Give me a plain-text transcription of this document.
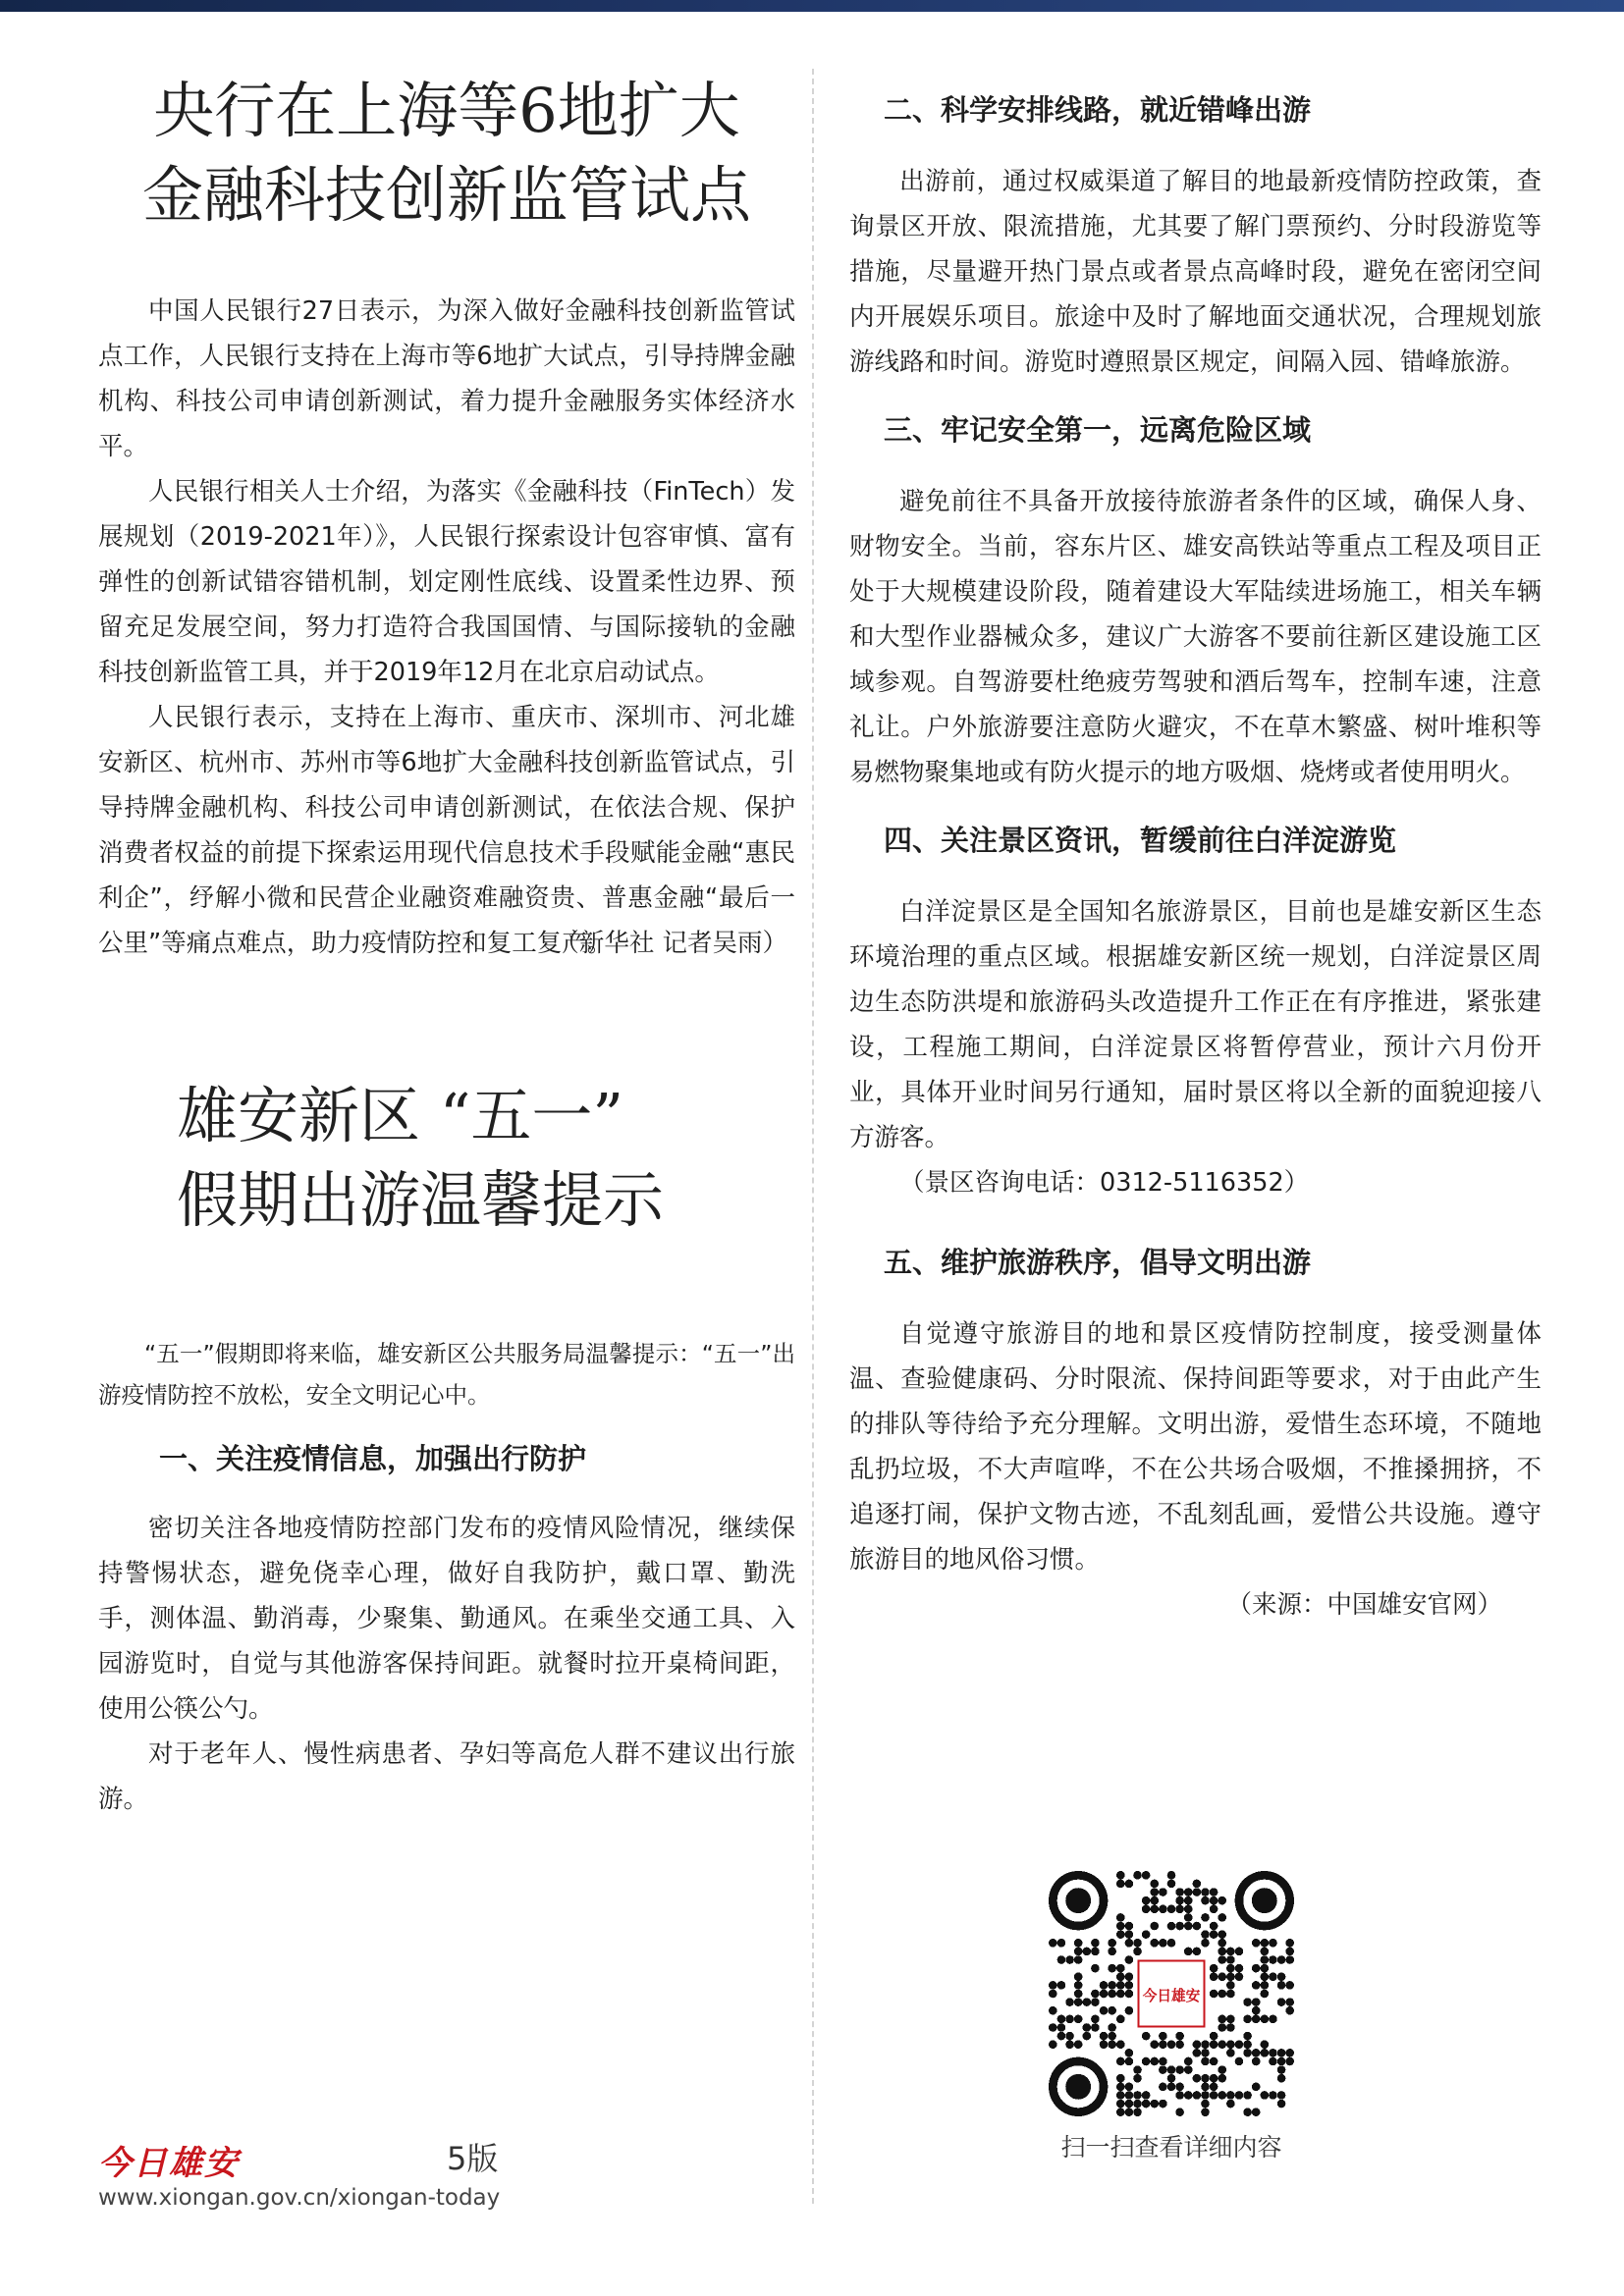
央行在上海等6地扩大
金融科技创新监管试点

中国人民银行27日表示，为深入做好金融科技创新监管试点工作，人民银行支持在上海市等6地扩大试点，引导持牌金融机构、科技公司申请创新测试，着力提升金融服务实体经济水平。

人民银行相关人士介绍，为落实《金融科技（FinTech）发展规划（2019-2021年）》，人民银行探索设计包容审慎、富有弹性的创新试错容错机制，划定刚性底线、设置柔性边界、预留充足发展空间，努力打造符合我国国情、与国际接轨的金融科技创新监管工具，并于2019年12月在北京启动试点。

人民银行表示，支持在上海市、重庆市、深圳市、河北雄安新区、杭州市、苏州市等6地扩大金融科技创新监管试点，引导持牌金融机构、科技公司申请创新测试，在依法合规、保护消费者权益的前提下探索运用现代信息技术手段赋能金融“惠民利企”，纾解小微和民营企业融资难融资贵、普惠金融“最后一公里”等痛点难点，助力疫情防控和复工复产。

（新华社 记者吴雨）

雄安新区 “五一”
假期出游温馨提示

“五一”假期即将来临，雄安新区公共服务局温馨提示：“五一”出游疫情防控不放松，安全文明记心中。

一、关注疫情信息，加强出行防护

密切关注各地疫情防控部门发布的疫情风险情况，继续保持警惕状态，避免侥幸心理，做好自我防护，戴口罩、勤洗手，测体温、勤消毒，少聚集、勤通风。在乘坐交通工具、入园游览时，自觉与其他游客保持间距。就餐时拉开桌椅间距，使用公筷公勺。

对于老年人、慢性病患者、孕妇等高危人群不建议出行旅游。

二、科学安排线路，就近错峰出游

出游前，通过权威渠道了解目的地最新疫情防控政策，查询景区开放、限流措施，尤其要了解门票预约、分时段游览等措施，尽量避开热门景点或者景点高峰时段，避免在密闭空间内开展娱乐项目。旅途中及时了解地面交通状况，合理规划旅游线路和时间。游览时遵照景区规定，间隔入园、错峰旅游。

三、牢记安全第一，远离危险区域

避免前往不具备开放接待旅游者条件的区域，确保人身、财物安全。当前，容东片区、雄安高铁站等重点工程及项目正处于大规模建设阶段，随着建设大军陆续进场施工，相关车辆和大型作业器械众多，建议广大游客不要前往新区建设施工区域参观。自驾游要杜绝疲劳驾驶和酒后驾车，控制车速，注意礼让。户外旅游要注意防火避灾，不在草木繁盛、树叶堆积等易燃物聚集地或有防火提示的地方吸烟、烧烤或者使用明火。

四、关注景区资讯，暂缓前往白洋淀游览

白洋淀景区是全国知名旅游景区，目前也是雄安新区生态环境治理的重点区域。根据雄安新区统一规划，白洋淀景区周边生态防洪堤和旅游码头改造提升工作正在有序推进，紧张建设，工程施工期间，白洋淀景区将暂停营业，预计六月份开业，具体开业时间另行通知，届时景区将以全新的面貌迎接八方游客。

（景区咨询电话：0312-5116352）

五、维护旅游秩序，倡导文明出游

自觉遵守旅游目的地和景区疫情防控制度，接受测量体温、查验健康码、分时限流、保持间距等要求，对于由此产生的排队等待给予充分理解。文明出游，爱惜生态环境，不随地乱扔垃圾，不大声喧哗，不在公共场合吸烟，不推搡拥挤，不追逐打闹，保护文物古迹，不乱刻乱画，爱惜公共设施。遵守旅游目的地风俗习惯。

（来源：中国雄安官网）

今日雄安
扫一扫查看详细内容
今日雄安	5版
www.xiongan.gov.cn/xiongan-today
